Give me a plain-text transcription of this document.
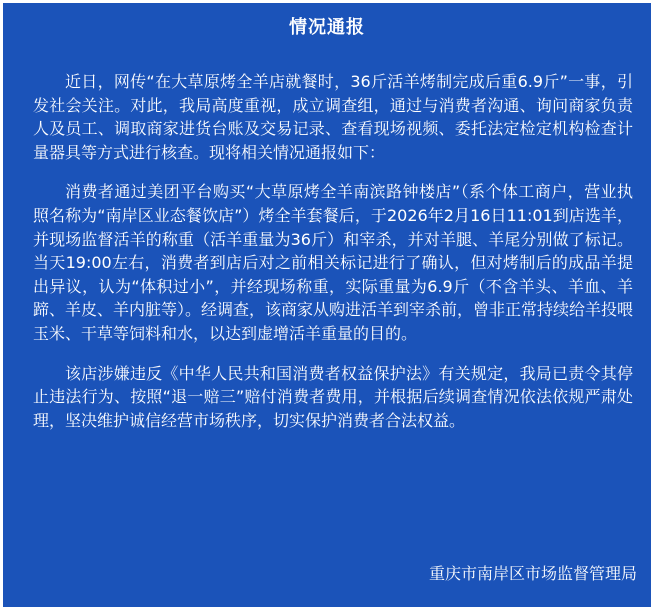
情况通报

近日，网传“在大草原烤全羊店就餐时，36斤活羊烤制完成后重6.9斤”一事，引发社会关注。对此，我局高度重视，成立调查组，通过与消费者沟通、询问商家负责人及员工、调取商家进货台账及交易记录、查看现场视频、委托法定检定机构检查计量器具等方式进行核查。现将相关情况通报如下：

消费者通过美团平台购买“大草原烤全羊南滨路钟楼店”（系个体工商户，营业执照名称为“南岸区业态餐饮店”）烤全羊套餐后，于2026年2月16日11:01到店选羊，并现场监督活羊的称重（活羊重量为36斤）和宰杀，并对羊腿、羊尾分别做了标记。当天19:00左右，消费者到店后对之前相关标记进行了确认，但对烤制后的成品羊提出异议，认为“体积过小”，并经现场称重，实际重量为6.9斤（不含羊头、羊血、羊蹄、羊皮、羊内脏等）。经调查，该商家从购进活羊到宰杀前，曾非正常持续给羊投喂玉米、干草等饲料和水，以达到虚增活羊重量的目的。

该店涉嫌违反《中华人民共和国消费者权益保护法》有关规定，我局已责令其停止违法行为、按照“退一赔三”赔付消费者费用，并根据后续调查情况依法依规严肃处理，坚决维护诚信经营市场秩序，切实保护消费者合法权益。

重庆市南岸区市场监督管理局
